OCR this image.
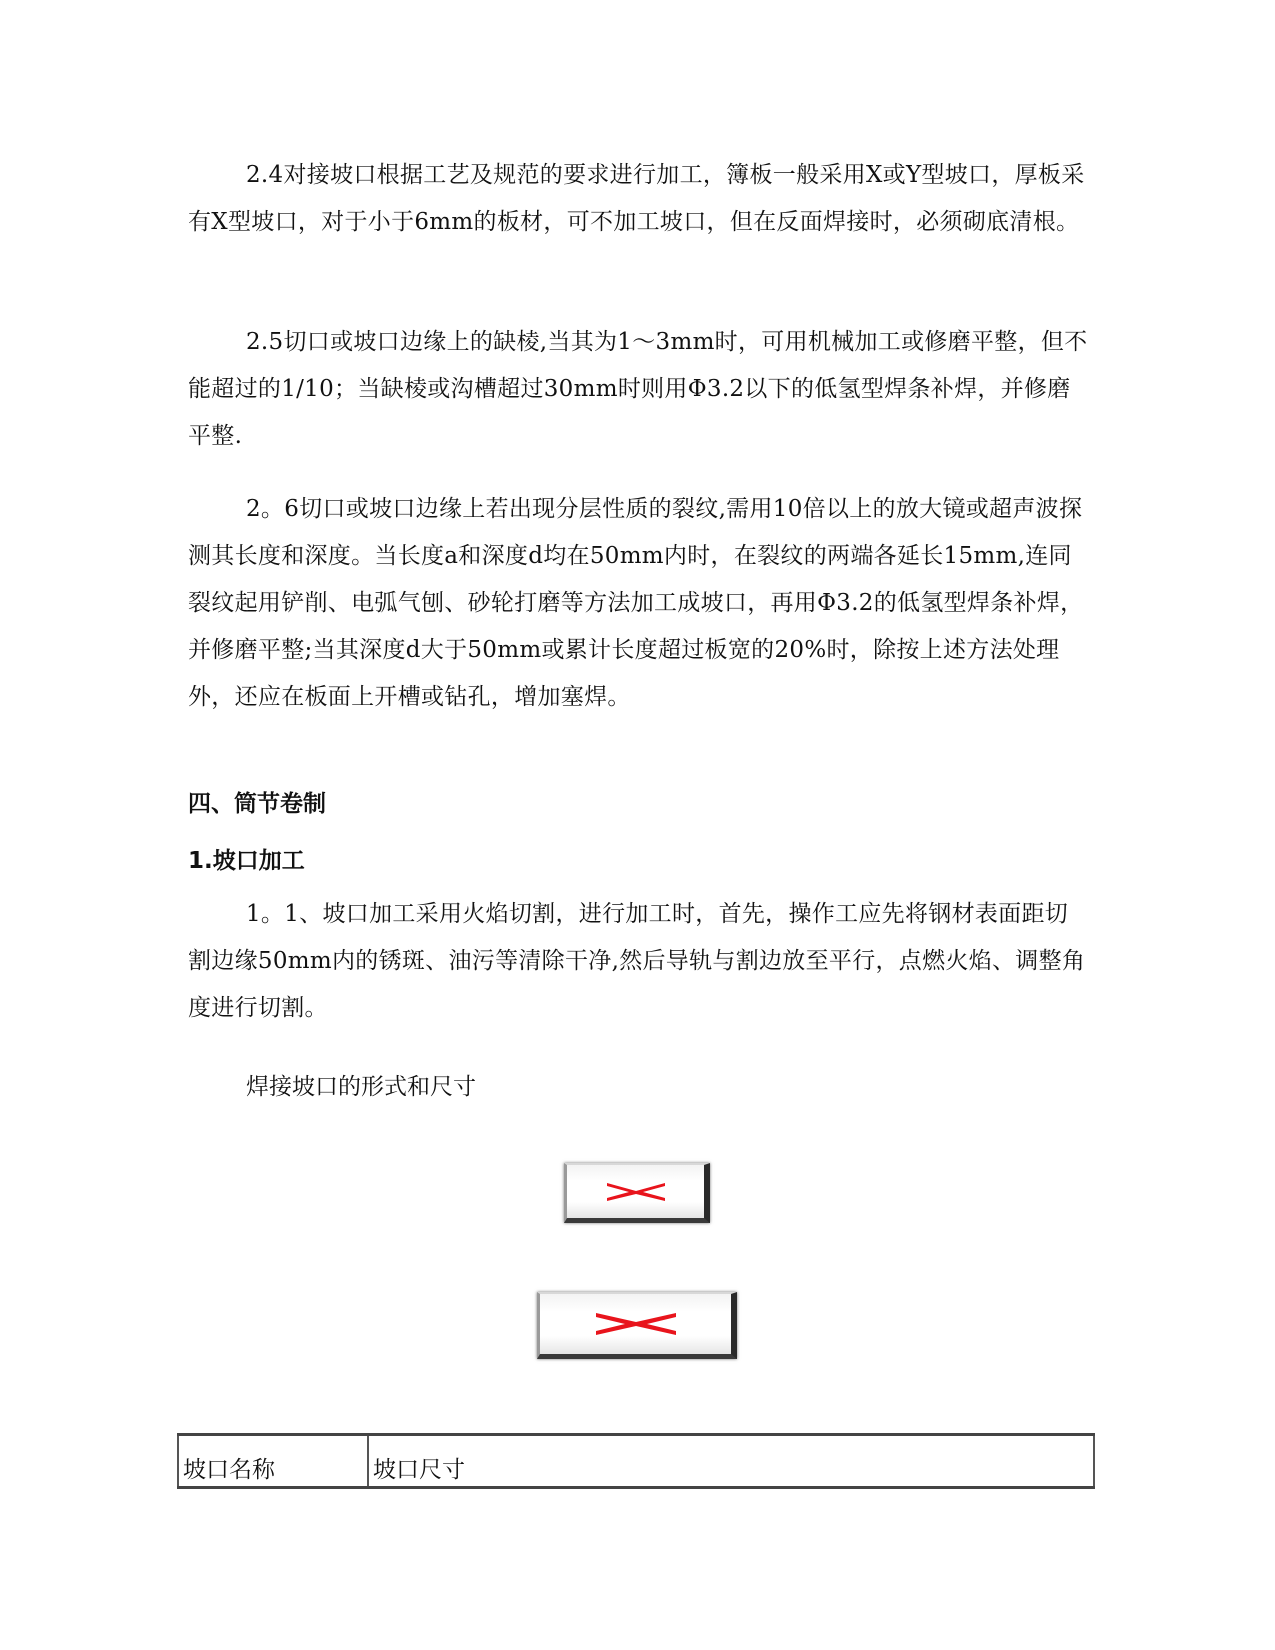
2.4对接坡口根据工艺及规范的要求进行加工，簿板一般采用X或Y型坡口，厚板采有X型坡口，对于小于6mm的板材，可不加工坡口，但在反面焊接时，必须砌底清根。

2.5切口或坡口边缘上的缺棱,当其为1～3mm时，可用机械加工或修磨平整，但不能超过的1/10；当缺棱或沟槽超过30mm时则用Φ3.2以下的低氢型焊条补焊，并修磨平整.

2。6切口或坡口边缘上若出现分层性质的裂纹,需用10倍以上的放大镜或超声波探测其长度和深度。当长度a和深度d均在50mm内时，在裂纹的两端各延长15mm,连同裂纹起用铲削、电弧气刨、砂轮打磨等方法加工成坡口，再用Φ3.2的低氢型焊条补焊，并修磨平整;当其深度d大于50mm或累计长度超过板宽的20%时，除按上述方法处理外，还应在板面上开槽或钻孔，增加塞焊。

四、筒节卷制
1.坡口加工

1。1、坡口加工采用火焰切割，进行加工时，首先，操作工应先将钢材表面距切割边缘50mm内的锈斑、油污等清除干净,然后导轨与割边放至平行，点燃火焰、调整角度进行切割。

焊接坡口的形式和尺寸

坡口名称	坡口尺寸
